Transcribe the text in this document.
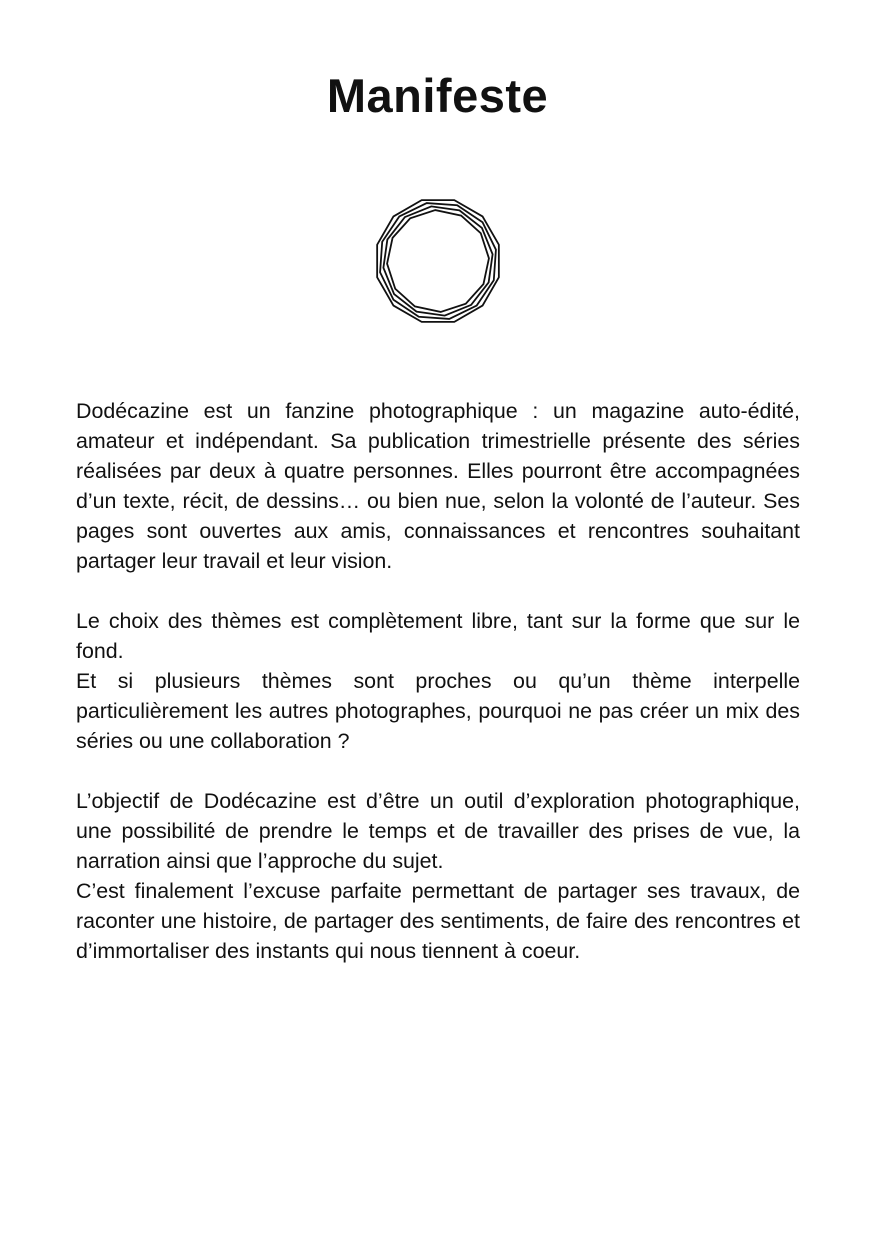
Manifeste

Dodécazine est un fanzine photographique : un magazine auto-édité, amateur et indépendant. Sa publication trimestrielle présente des séries réalisées par deux à quatre personnes. Elles pourront être accompagnées d’un texte, récit, de dessins… ou bien nue, selon la volonté de l’auteur. Ses pages sont ouvertes aux amis, connaissances et rencontres souhaitant partager leur travail et leur vision.

Le choix des thèmes est complètement libre, tant sur la forme que sur le fond.

Et si plusieurs thèmes sont proches ou qu’un thème interpelle particulièrement les autres photographes, pourquoi ne pas créer un mix des séries ou une collaboration ?

L’objectif de Dodécazine est d’être un outil d’exploration photographique, une possibilité de prendre le temps et de travailler des prises de vue, la narration ainsi que l’approche du sujet.

C’est finalement l’excuse parfaite permettant de partager ses travaux, de raconter une histoire, de partager des sentiments, de faire des rencontres et d’immortaliser des instants qui nous tiennent à coeur.
